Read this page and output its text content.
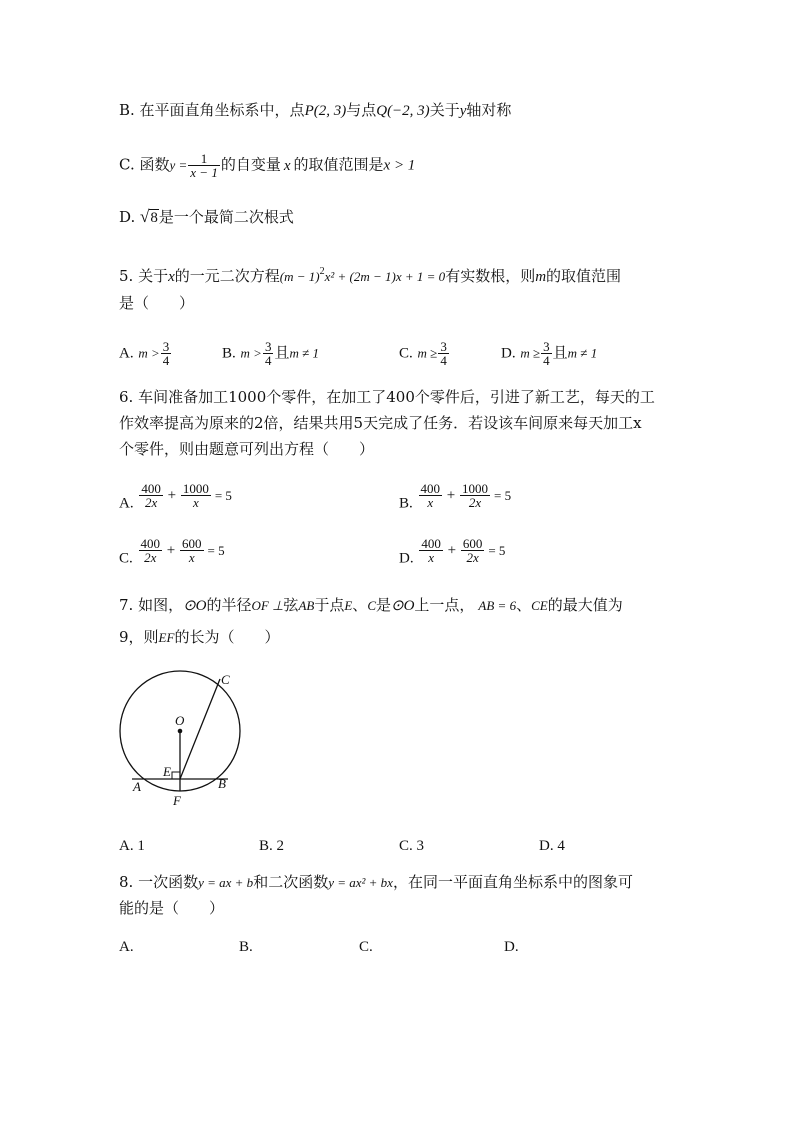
B. 在平面直角坐标系中，点P(2, 3)与点Q(−2, 3)关于y轴对称
C. 函数$y = \frac{1}{x - 1}$ 的自变量 x 的取值范围是x > 1
D. √8是一个最简二次根式
5. 关于x的一元二次方程$(m - 1)^2x^2 + (2m - 1)x + 1 = 0$有实数根，则m的取值范围
是（　　）
A. $m > \frac{3}{4}$	B. $m > \frac{3}{4}$ 且m ≠ 1	C. $m \ge \frac{3}{4}$	D. $m \ge \frac{3}{4}$ 且m ≠ 1
6. 车间准备加工1000个零件，在加工了400个零件后，引进了新工艺，每天的工
作效率提高为原来的2倍，结果共用5天完成了任务．若设该车间原来每天加工x
个零件，则由题意可列出方程（　　）
A. $\frac{400}{2x} + \frac{1000}{x} = 5$
B. $\frac{400}{x} + \frac{1000}{2x} = 5$
C. $\frac{400}{2x} + \frac{600}{x} = 5$
D. $\frac{400}{x} + \frac{600}{2x} = 5$
7. 如图，⊙O的半径OF ⊥弦AB于点E、C是⊙O上一点， AB = 6、CE的最大值为
9，则EF的长为（　　）
C
O
E
A	B
F
A. 1	B. 2	C. 3	D. 4
8. 一次函数y = ax + b和二次函数y = ax² + bx，在同一平面直角坐标系中的图象可
能的是（　　）
A.	B.	C.	D.
